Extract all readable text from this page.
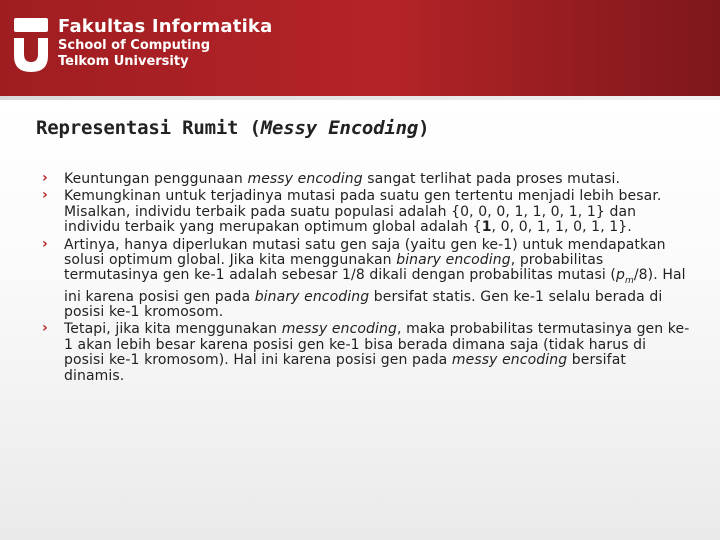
Fakultas Informatika
School of Computing
Telkom University
Representasi Rumit (Messy Encoding)
› Keuntungan penggunaan messy encoding sangat terlihat pada proses mutasi.
› Kemungkinan untuk terjadinya mutasi pada suatu gen tertentu menjadi lebih besar. Misalkan, individu terbaik pada suatu populasi adalah {0, 0, 0, 1, 1, 0, 1, 1} dan individu terbaik yang merupakan optimum global adalah {1, 0, 0, 1, 1, 0, 1, 1}.
› Artinya, hanya diperlukan mutasi satu gen saja (yaitu gen ke-1) untuk mendapatkan solusi optimum global. Jika kita menggunakan binary encoding, probabilitas termutasinya gen ke-1 adalah sebesar 1/8 dikali dengan probabilitas mutasi $(p_m/8)$. Hal ini karena posisi gen pada binary encoding bersifat statis. Gen ke-1 selalu berada di posisi ke-1 kromosom.
› Tetapi, jika kita menggunakan messy encoding, maka probabilitas termutasinya gen ke-1 akan lebih besar karena posisi gen ke-1 bisa berada dimana saja (tidak harus di posisi ke-1 kromosom). Hal ini karena posisi gen pada messy encoding bersifat dinamis.
